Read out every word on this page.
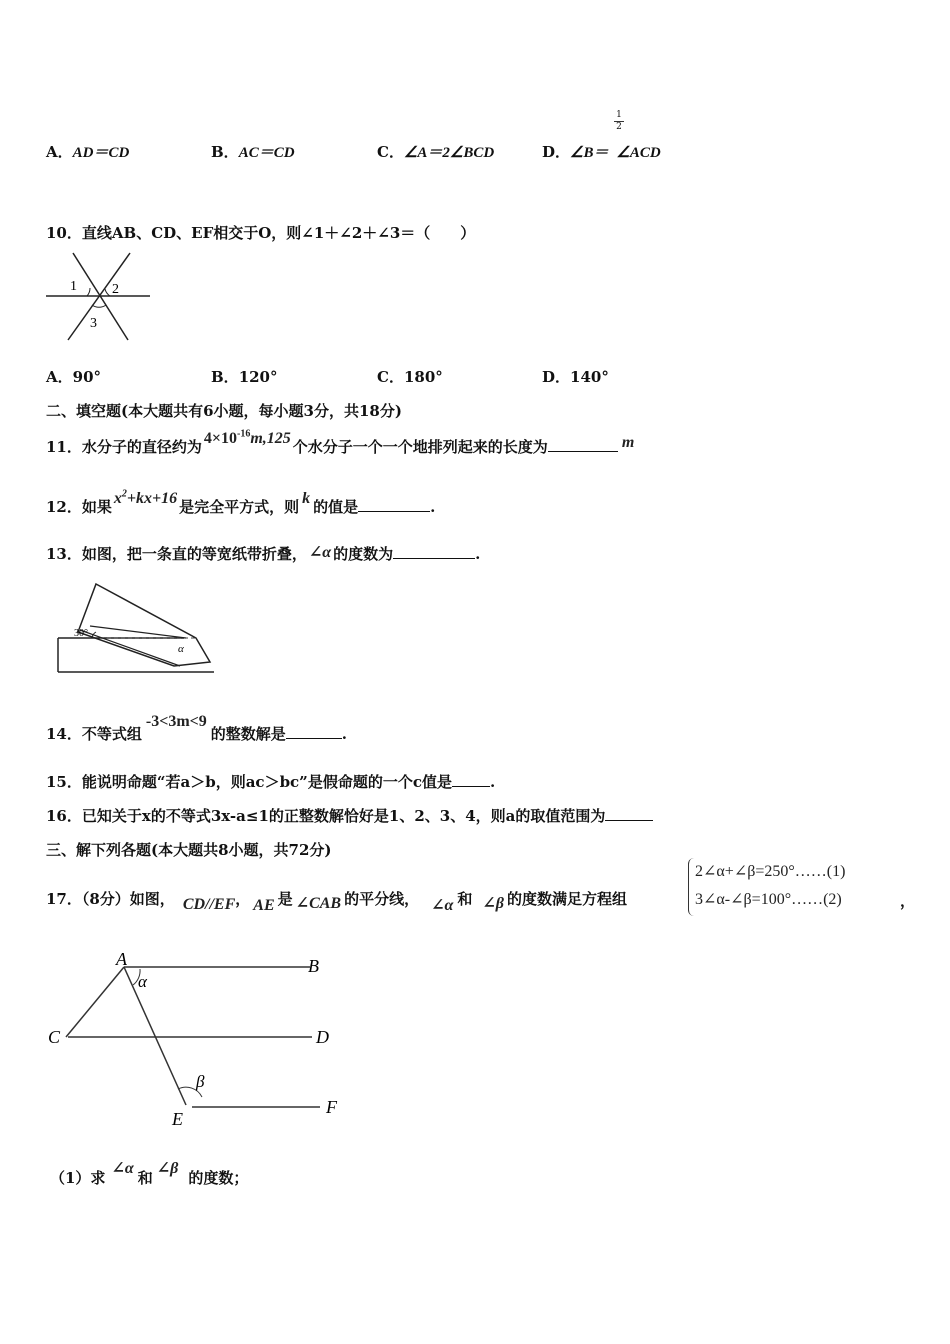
A．AD＝CD	B．AC＝CD	C．∠A＝2∠BCD	D．∠B＝ ∠ACD
1
2
10．直线AB、CD、EF相交于O，则∠1＋∠2＋∠3＝（　　）
1	2
3
A．90°	B．120°	C．180°	D．140°
二、填空题(本大题共有6小题，每小题3分，共18分)
11．水分子的直径约为 $4\times 10^{-16}m,125$ 个水分子一个一个地排列起来的长度为	m
12．如果 $x^2+kx+16$ 是完全平方式，则 k 的值是	.
13．如图，把一条直的等宽纸带折叠， ∠α 的度数为	.
30°
α
14．不等式组-3<3m<9的整数解是	.
15．能说明命题“若a＞b，则ac＞bc”是假命题的一个c值是	.
16．已知关于x的不等式3x-a≤1的正整数解恰好是1、2、3、4，则a的取值范围为
三、解下列各题(本大题共8小题，共72分)
17．（8分）如图， CD//EF， AE 是 ∠CAB 的平分线， ∠α 和 ∠β 的度数满足方程组
2∠α+∠β=250°……(1)
3∠α-∠β=100°……(2)	，
A	B
C	D
E
F
α
β
（1）求∠α和∠β的度数；
